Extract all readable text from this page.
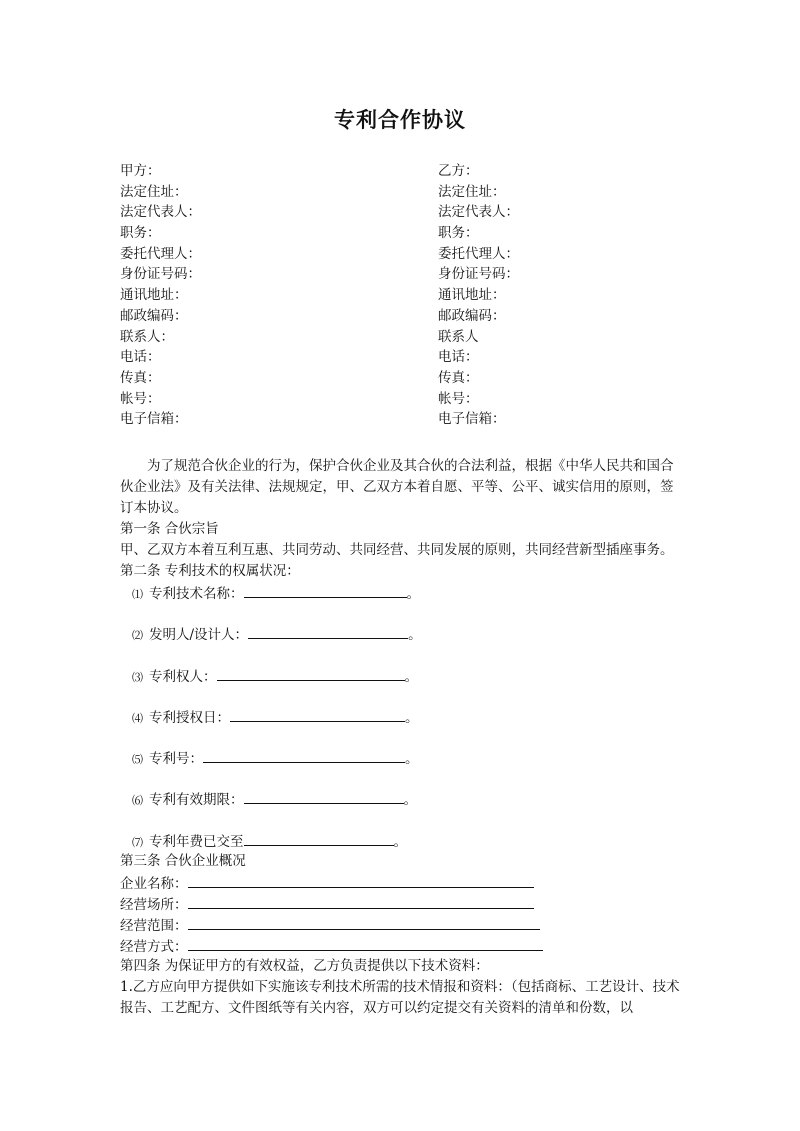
专利合作协议
甲方：	乙方：
法定住址：	法定住址：
法定代表人：	法定代表人：
职务：	职务：
委托代理人：	委托代理人：
身份证号码：	身份证号码：
通讯地址：	通讯地址：
邮政编码：	邮政编码：
联系人：	联系人
电话：	电话：
传真：	传真：
帐号：	帐号：
电子信箱：	电子信箱：

为了规范合伙企业的行为，保护合伙企业及其合伙的合法利益，根据《中华人民共和国合伙企业法》及有关法律、法规规定，甲、乙双方本着自愿、平等、公平、诚实信用的原则，签订本协议。

第一条 合伙宗旨
甲、乙双方本着互利互惠、共同劳动、共同经营、共同发展的原则，共同经营新型插座事务。
第二条 专利技术的权属状况：
⑴ 专利技术名称：	。
⑵ 发明人/设计人：	。
⑶ 专利权人：	。
⑷ 专利授权日：	。
⑸ 专利号：	。
⑹ 专利有效期限：	。
⑺ 专利年费已交至	。
第三条 合伙企业概况
企业名称：
经营场所：
经营范围：
经营方式：
第四条 为保证甲方的有效权益，乙方负责提供以下技术资料：

1.乙方应向甲方提供如下实施该专利技术所需的技术情报和资料：（包括商标、工艺设计、技术报告、工艺配方、文件图纸等有关内容，双方可以约定提交有关资料的清单和份数，以
